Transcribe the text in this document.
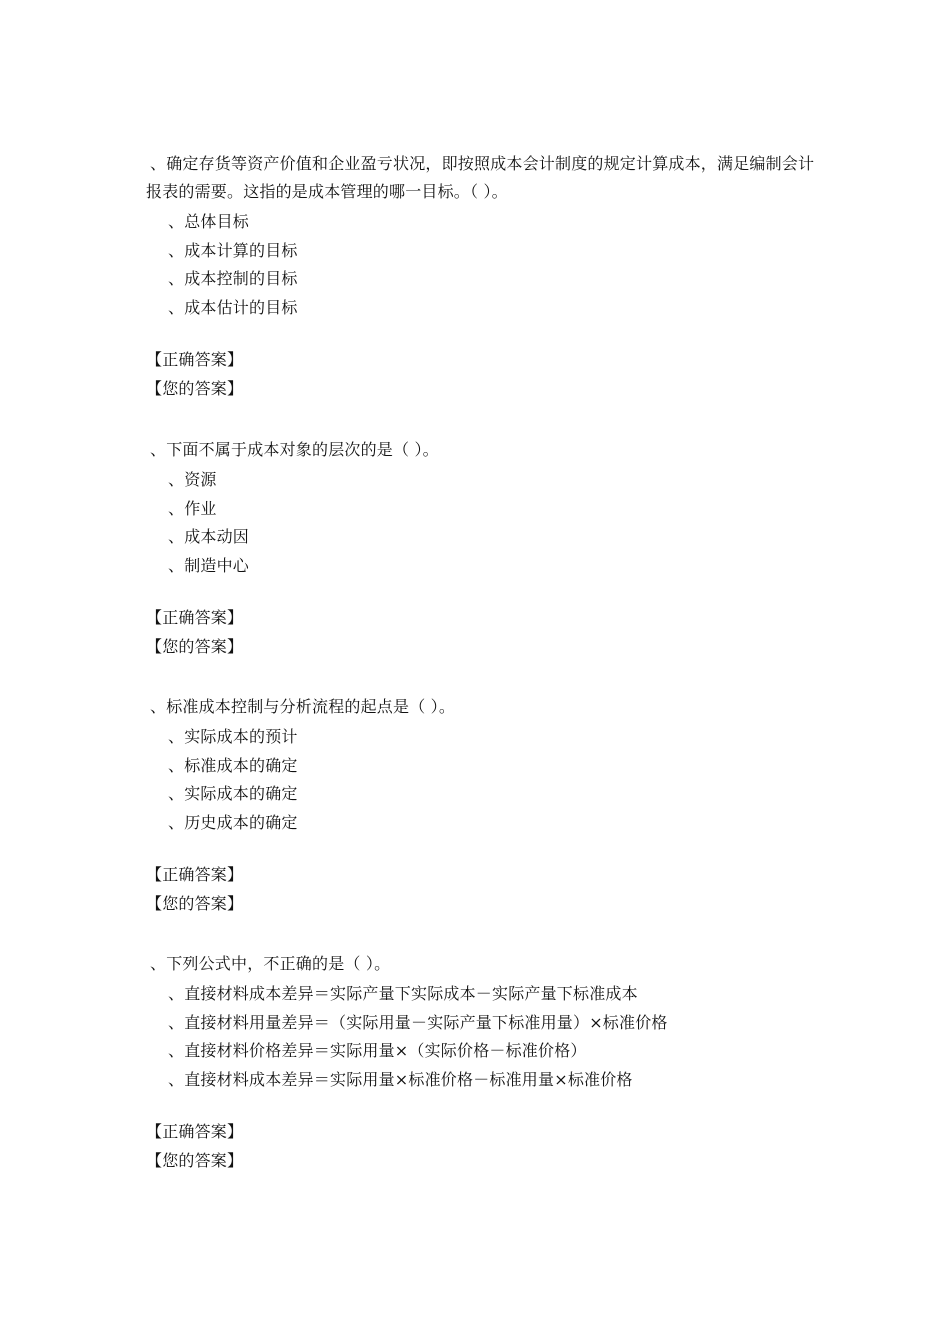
、确定存货等资产价值和企业盈亏状况，即按照成本会计制度的规定计算成本，满足编制会计报表的需要。这指的是成本管理的哪一目标。（ ）。

、总体目标
、成本计算的目标
、成本控制的目标
、成本估计的目标
【正确答案】
【您的答案】

、下面不属于成本对象的层次的是（ ）。

、资源
、作业
、成本动因
、制造中心
【正确答案】
【您的答案】

、标准成本控制与分析流程的起点是（ ）。

、实际成本的预计
、标准成本的确定
、实际成本的确定
、历史成本的确定
【正确答案】
【您的答案】

、下列公式中，不正确的是（ ）。

、直接材料成本差异＝实际产量下实际成本－实际产量下标准成本
、直接材料用量差异＝（实际用量－实际产量下标准用量）×标准价格
、直接材料价格差异＝实际用量×（实际价格－标准价格）
、直接材料成本差异＝实际用量×标准价格－标准用量×标准价格
【正确答案】
【您的答案】
